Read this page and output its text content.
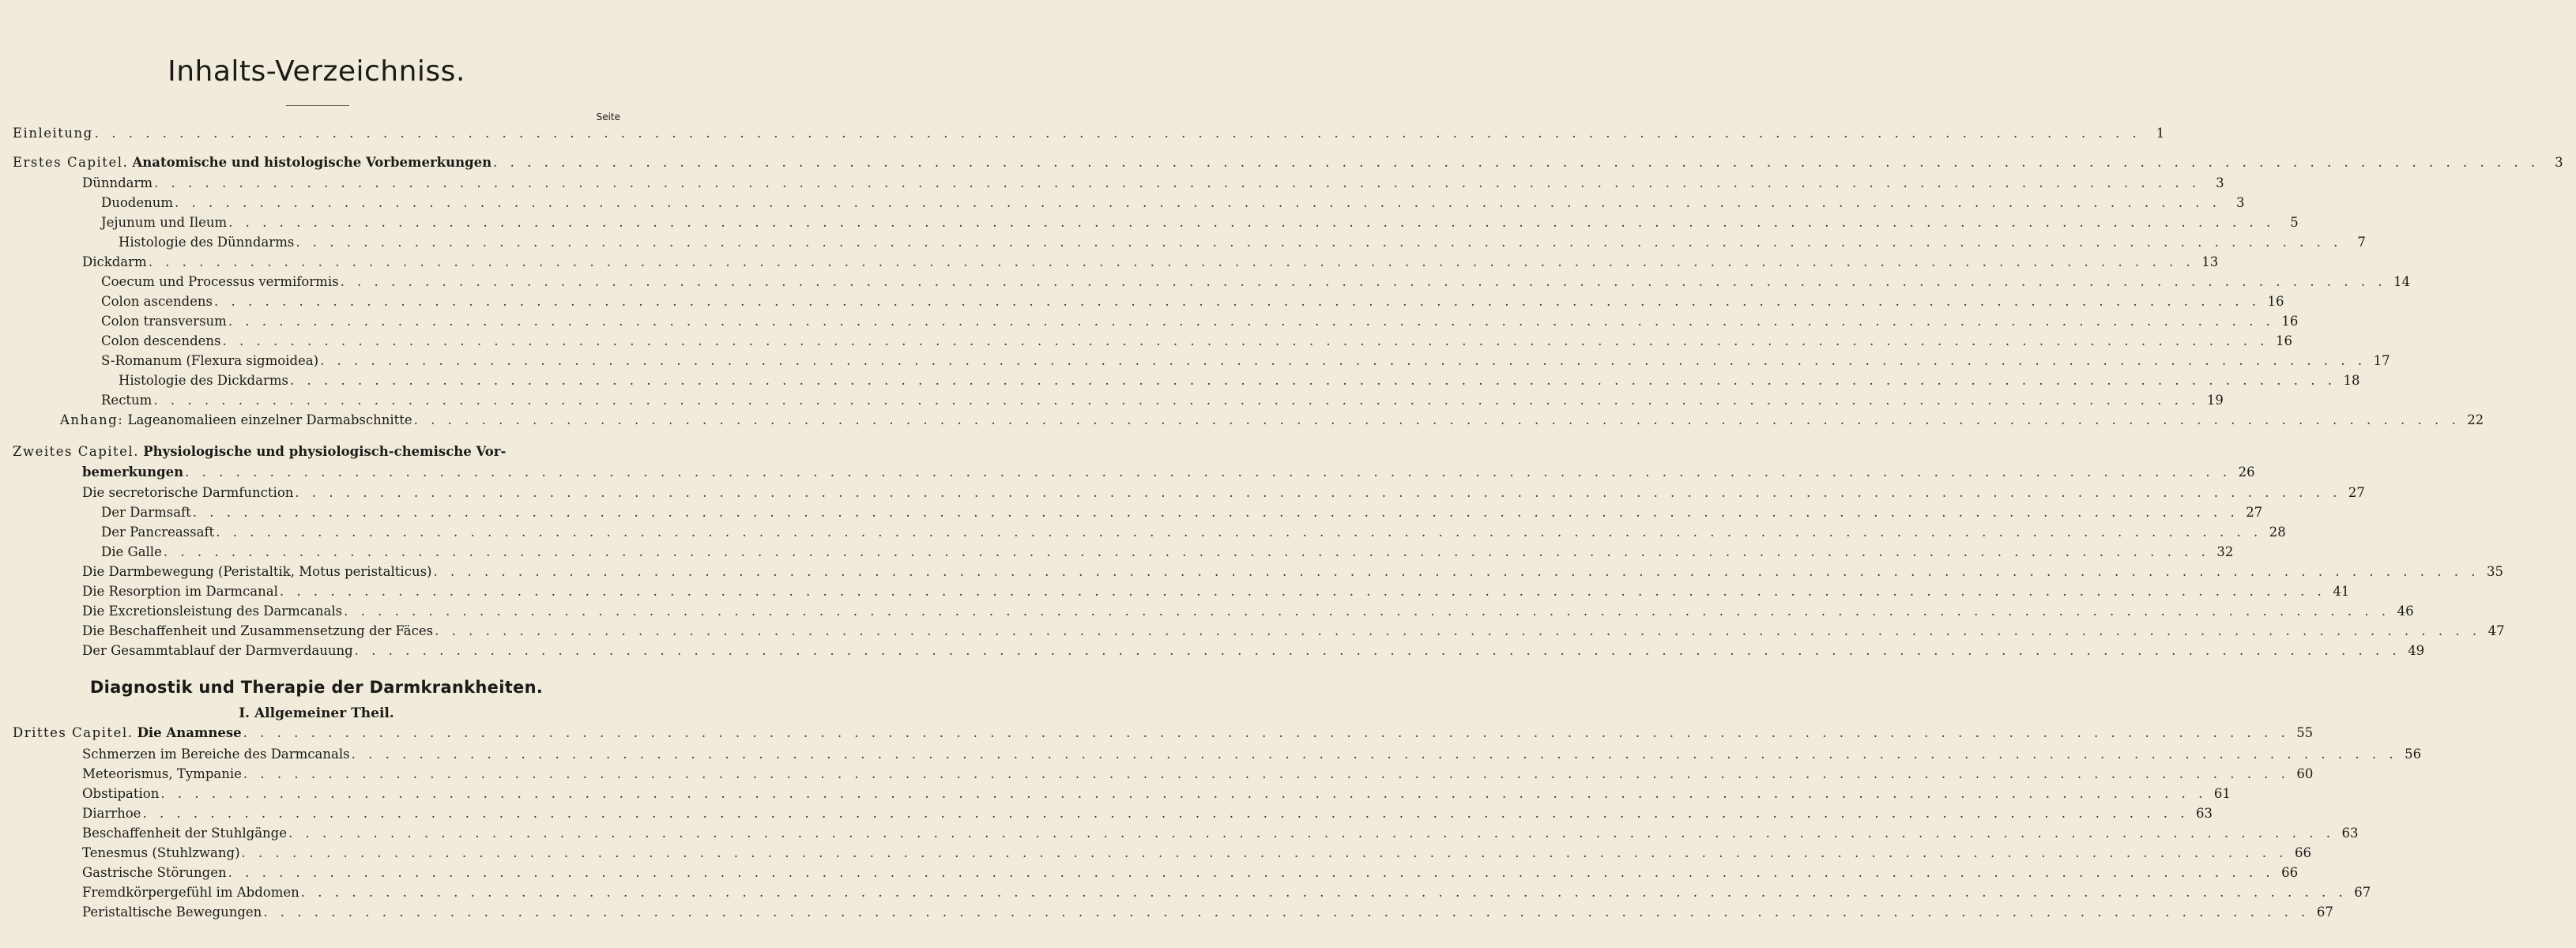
Inhalts-Verzeichniss.
Seite
Einleitung . . .	1
Erstes Capitel. Anatomische und histologische Vorbemerkungen . . .	3
Dünndarm . . .	3
Duodenum . . .	3
Jejunum und Ileum . . .	5
Histologie des Dünndarms . . .	7
Dickdarm . . .	13
Coecum und Processus vermiformis . . .	14
Colon ascendens . . .	16
Colon transversum . . .	16
Colon descendens . . .	16
S-Romanum (Flexura sigmoidea) . . .	17
Histologie des Dickdarms . . .	18
Rectum . . .	19
Anhang: Lageanomalieen einzelner Darmabschnitte . . .	22
Zweites Capitel. Physiologische und physiologisch-chemische Vor-
bemerkungen . . .	26
Die secretorische Darmfunction . . .	27
Der Darmsaft . . .	27
Der Pancreassaft . . .	28
Die Galle . . .	32
Die Darmbewegung (Peristaltik, Motus peristalticus) . . .	35
Die Resorption im Darmcanal . . .	41
Die Excretionsleistung des Darmcanals . . .	46
Die Beschaffenheit und Zusammensetzung der Fäces . . .	47
Der Gesammtablauf der Darmverdauung . . .	49
Diagnostik und Therapie der Darmkrankheiten.
I. Allgemeiner Theil.
Drittes Capitel. Die Anamnese . . .	55
Schmerzen im Bereiche des Darmcanals . . .	56
Meteorismus, Tympanie . . .	60
Obstipation . . .	61
Diarrhoe . . .	63
Beschaffenheit der Stuhlgänge . . .	63
Tenesmus (Stuhlzwang) . . .	66
Gastrische Störungen . . .	66
Fremdkörpergefühl im Abdomen . . .	67
Peristaltische Bewegungen . . .	67
